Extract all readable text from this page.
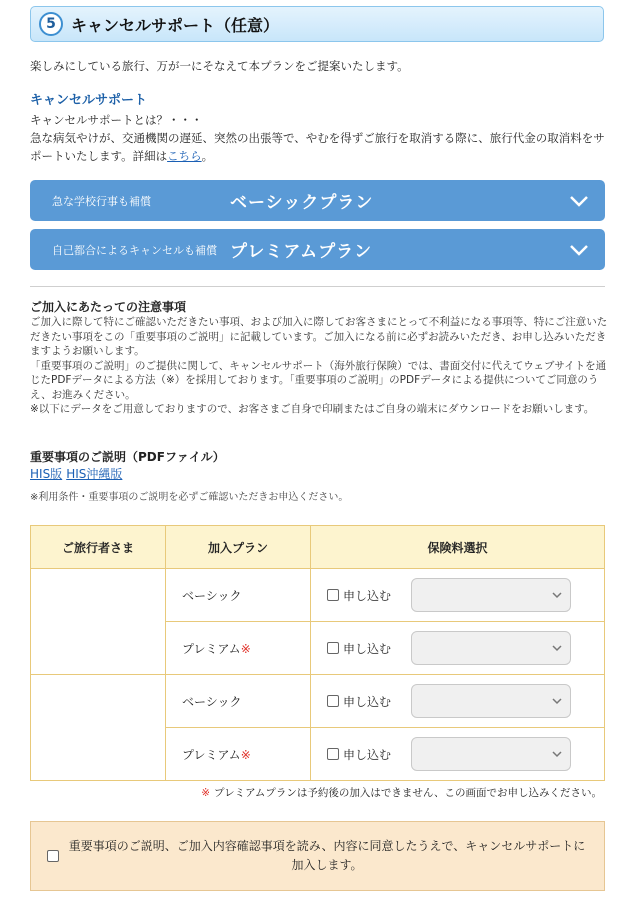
5 キャンセルサポート（任意）
楽しみにしている旅行、万が一にそなえて本プランをご提案いたします。
キャンセルサポート
キャンセルサポートとは？・・・
急な病気やけが、交通機関の遅延、突然の出張等で、やむを得ずご旅行を取消する際に、旅行代金の取消料をサポートいたします。詳細はこちら。
急な学校行事も補償	ベーシックプラン
自己都合によるキャンセルも補償 プレミアムプラン
ご加入にあたっての注意事項

ご加入に際して特にご確認いただきたい事項、および加入に際してお客さまにとって不利益になる事項等、特にご注意いただきたい事項をこの「重要事項のご説明」に記載しています。ご加入になる前に必ずお読みいただき、お申し込みいただきますようお願いします。

「重要事項のご説明」のご提供に関して、キャンセルサポート（海外旅行保険）では、書面交付に代えてウェブサイトを通じたPDFデータによる方法（※）を採用しております。「重要事項のご説明」のPDFデータによる提供についてご同意のうえ、お進みください。

※以下にデータをご用意しておりますので、お客さまご自身で印刷またはご自身の端末にダウンロードをお願いします。

重要事項のご説明（PDFファイル）
HIS版 HIS沖縄版
※利用条件・重要事項のご説明を必ずご確認いただきお申込ください。
ご旅行者さま	加入プラン	保険料選択
	ベーシック	申し込む

	プレミアム※	申し込む

	ベーシック	申し込む

	プレミアム※	申し込む
※ プレミアムプランは予約後の加入はできません、この画面でお申し込みください。
重要事項のご説明、ご加入内容確認事項を読み、内容に同意したうえで、キャンセルサポートに加入します。
